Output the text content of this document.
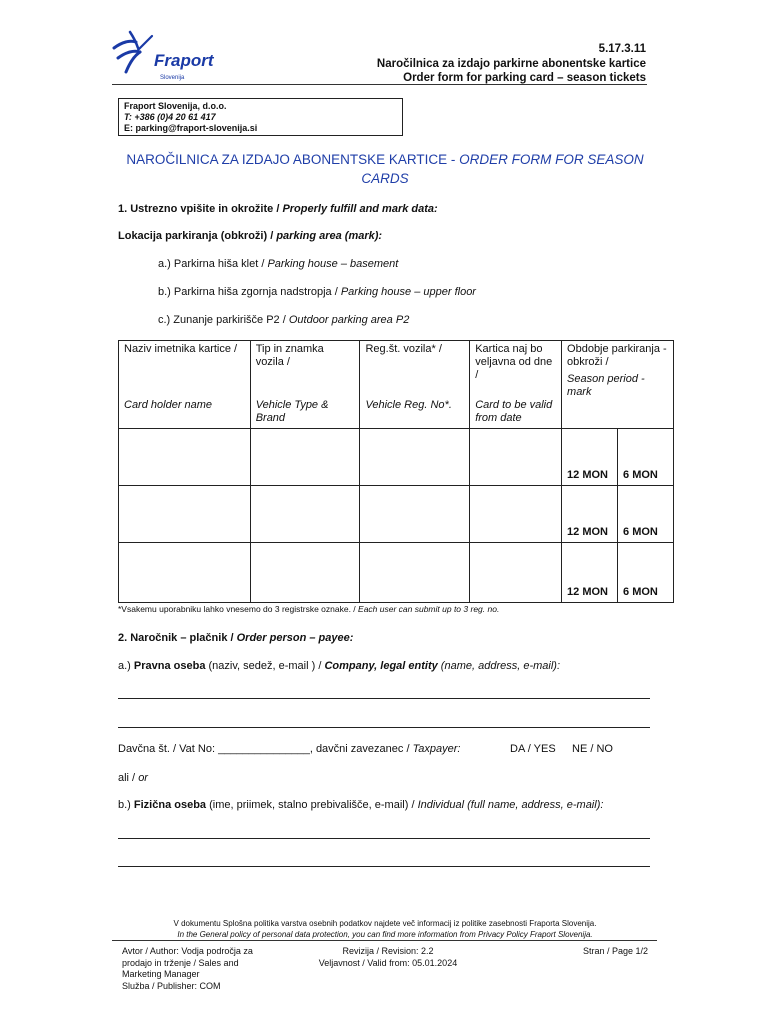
Fraport
Slovenija
5.17.3.11
Naročilnica za izdajo parkirne abonentske kartice
Order form for parking card – season tickets
Fraport Slovenija, d.o.o.
T: +386 (0)4 20 61 417
E: parking@fraport-slovenija.si
NAROČILNICA ZA IZDAJO ABONENTSKE KARTICE - ORDER FORM FOR SEASON CARDS
1. Ustrezno vpišite in okrožite / Properly fulfill and mark data:
Lokacija parkiranja (obkroži) / parking area (mark):
a.) Parkirna hiša klet / Parking house – basement
b.) Parkirna hiša zgornja nadstropja / Parking house – upper floor
c.) Zunanje parkirišče P2 / Outdoor parking area P2
Naziv imetnika kartice /
Card holder name	Tip in znamka vozila /
Vehicle Type & Brand	Reg.št. vozila* /
Vehicle Reg. No*.	Kartica naj bo veljavna od dne /
Card to be valid from date	Obdobje parkiranja - obkroži /
Season period - mark	

				12 MON	6 MON
				12 MON	6 MON
				12 MON	6 MON
*Vsakemu uporabniku lahko vnesemo do 3 registrske oznake. / Each user can submit up to 3 reg. no.
2. Naročnik – plačnik / Order person – payee:
a.) Pravna oseba (naziv, sedež, e-mail ) / Company, legal entity (name, address, e-mail):
Davčna št. / Vat No: _______________, davčni zavezanec / Taxpayer:	DA / YES NE / NO
ali / or
b.) Fizična oseba (ime, priimek, stalno prebivališče, e-mail) / Individual (full name, address, e-mail):
V dokumentu Splošna politika varstva osebnih podatkov najdete več informacij iz politike zasebnosti Fraporta Slovenija.
In the General policy of personal data protection, you can find more information from Privacy Policy Fraport Slovenija.
Avtor / Author: Vodja področja za
prodajo in trženje / Sales and
Marketing Manager
Služba / Publisher: COM
Revizija / Revision: 2.2
Veljavnost / Valid from: 05.01.2024
Stran / Page 1/2
